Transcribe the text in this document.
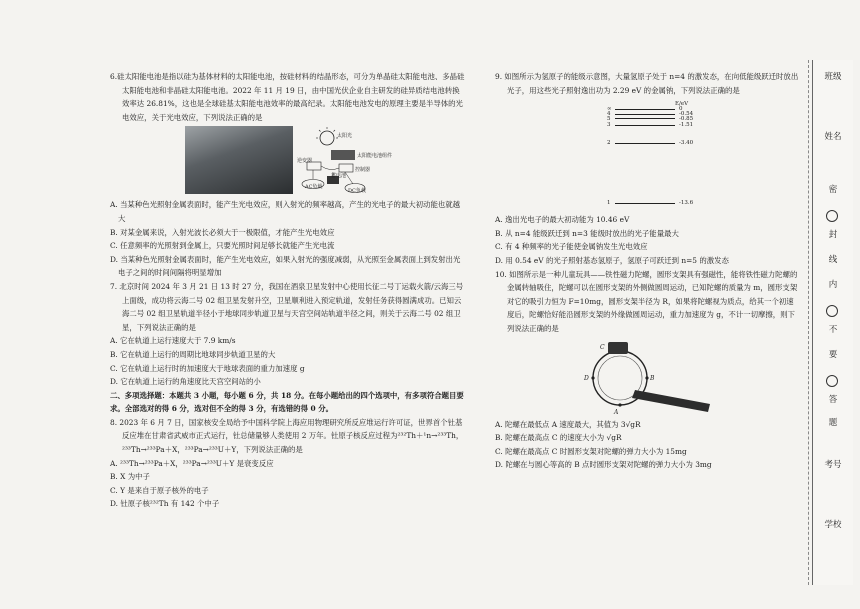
6.硅太阳能电池是指以硅为基体材料的太阳能电池，按硅材料的结晶形态，可分为单晶硅太阳能电池、多晶硅太阳能电池和非晶硅太阳能电池。2022 年 11 月 19 日，由中国光伏企业自主研发的硅异质结电池转换效率达 26.81%，这也是全球硅基太阳能电池效率的最高纪录。太阳能电池发电的原理主要是半导体的光电效应，关于光电效应，下列说法正确的是

太阳光
太阳能电池组件
逆变器
控制器
蓄电池
AC负载
DC负载

A. 当某种色光照射金属表面时，能产生光电效应，则入射光的频率越高，产生的光电子的最大初动能也就越大

B. 对某金属来说，入射光波长必须大于一极限值，才能产生光电效应

C. 任意频率的光照射到金属上，只要光照时间足够长就能产生光电流

D. 当某种色光照射金属表面时，能产生光电效应，如果入射光的强度减弱，从光照至金属表面上到发射出光电子之间的时间间隔将明显增加

7. 北京时间 2024 年 3 月 21 日 13 时 27 分，我国在酒泉卫星发射中心使用长征二号丁运载火箭/云海三号上面级，成功将云海二号 02 组卫星发射升空，卫星顺利进入预定轨道，发射任务获得圆满成功。已知云海二号 02 组卫星轨道半径小于地球同步轨道卫星与天宫空间站轨道半径之间，则关于云海二号 02 组卫星，下列说法正确的是

A. 它在轨道上运行速度大于 7.9 km/s

B. 它在轨道上运行的周期比地球同步轨道卫星的大

C. 它在轨道上运行时的加速度大于地球表面的重力加速度 g

D. 它在轨道上运行的角速度比天宫空间站的小

二、多项选择题：本题共 3 小题，每小题 6 分，共 18 分。在每小题给出的四个选项中，有多项符合题目要求。全部选对的得 6 分，选对但不全的得 3 分，有选错的得 0 分。

8. 2023 年 6 月 7 日，国家核安全局给予中国科学院上海应用物理研究所反应堆运行许可证，世界首个钍基反应堆在甘肃省武威市正式运行，钍总储量够人类使用 2 万年。钍原子核反应过程为²³²Th＋¹n→²³³Th，²³³Th→²³³Pa＋X，²³³Pa→²³³U＋Y，下列说法正确的是

A. ²³³Th→²³³Pa＋X，²³³Pa→²³³U＋Y 是衰变反应

B. X 为中子

C. Y 是来自于原子核外的电子

D. 钍原子核²³²Th 有 142 个中子

9. 如图所示为氢原子的能级示意图，大量氢原子处于 n=4 的激发态，在向低能级跃迁时放出光子，用这些光子照射逸出功为 2.29 eV 的金属钠，下列说法正确的是

E/eV
∞	0
4	-0.54
5	-0.85
3	-1.51
2	-3.40
1	-13.6

A. 逸出光电子的最大初动能为 10.46 eV

B. 从 n=4 能级跃迁到 n=3 能级时放出的光子能量最大

C. 有 4 种频率的光子能使金属钠发生光电效应

D. 用 0.54 eV 的光子照射基态氢原子，氢原子可跃迁到 n=5 的激发态

10. 如图所示是一种儿童玩具——铁性磁力陀螺，圆形支架具有强磁性，能将铁性磁力陀螺的金属转轴吸住，陀螺可以在圆形支架的外侧做圆周运动，已知陀螺的质量为 m，圆形支架对它的吸引力恒为 F=10mg，圆形支架半径为 R，如果将陀螺视为质点，给其一个初速度后，陀螺恰好能沿圆形支架的外缘做圆周运动，重力加速度为 g，不计一切摩擦，则下列说法正确的是

A
B
C
D

A. 陀螺在最低点 A 速度最大，其值为 3√gR

B. 陀螺在最高点 C 的速度大小为 √gR

C. 陀螺在最高点 C 时圆形支架对陀螺的弹力大小为 15mg

D. 陀螺在与圆心等高的 B 点时圆形支架对陀螺的弹力大小为 3mg

班级
姓名
密
封
线
内
不
要
答
题
考号
学校
